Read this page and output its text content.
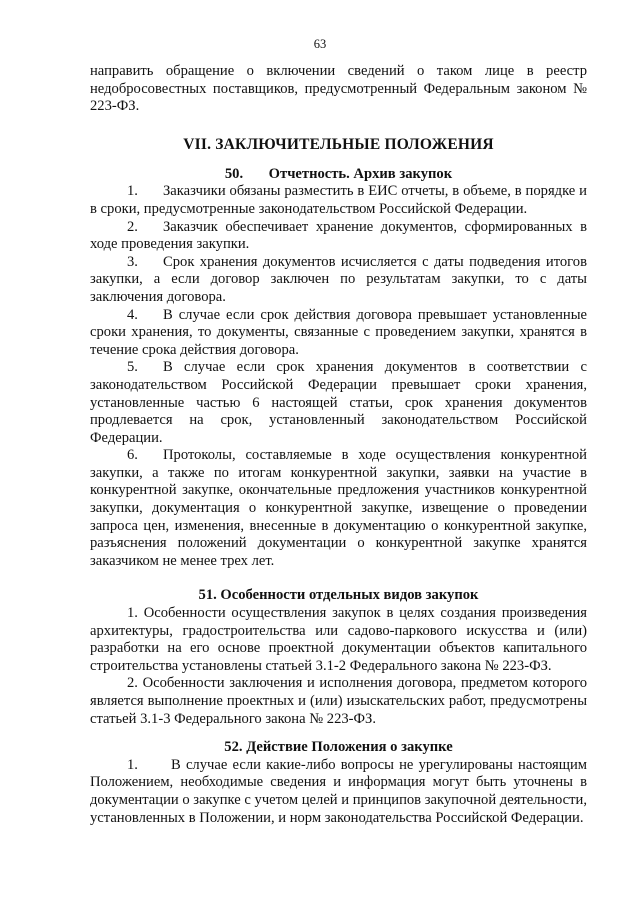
63

направить обращение о включении сведений о таком лице в реестр недобросовестных поставщиков, предусмотренный Федеральным законом № 223-ФЗ.

VII. ЗАКЛЮЧИТЕЛЬНЫЕ ПОЛОЖЕНИЯ
50. Отчетность. Архив закупок

1. Заказчики обязаны разместить в ЕИС отчеты, в объеме, в порядке и в сроки, предусмотренные законодательством Российской Федерации.

2. Заказчик обеспечивает хранение документов, сформированных в ходе проведения закупки.

3. Срок хранения документов исчисляется с даты подведения итогов закупки, а если договор заключен по результатам закупки, то с даты заключения договора.

4. В случае если срок действия договора превышает установленные сроки хранения, то документы, связанные с проведением закупки, хранятся в течение срока действия договора.

5. В случае если срок хранения документов в соответствии с законодательством Российской Федерации превышает сроки хранения, установленные частью 6 настоящей статьи, срок хранения документов продлевается на срок, установленный законодательством Российской Федерации.

6. Протоколы, составляемые в ходе осуществления конкурентной закупки, а также по итогам конкурентной закупки, заявки на участие в конкурентной закупке, окончательные предложения участников конкурентной закупки, документация о конкурентной закупке, извещение о проведении запроса цен, изменения, внесенные в документацию о конкурентной закупке, разъяснения положений документации о конкурентной закупке хранятся заказчиком не менее трех лет.

51. Особенности отдельных видов закупок

1. Особенности осуществления закупок в целях создания произведения архитектуры, градостроительства или садово-паркового искусства и (или) разработки на его основе проектной документации объектов капитального строительства установлены статьей 3.1-2 Федерального закона № 223-ФЗ.

2. Особенности заключения и исполнения договора, предметом которого является выполнение проектных и (или) изыскательских работ, предусмотрены статьей 3.1-3 Федерального закона № 223-ФЗ.

52. Действие Положения о закупке

1. В случае если какие-либо вопросы не урегулированы настоящим Положением, необходимые сведения и информация могут быть уточнены в документации о закупке с учетом целей и принципов закупочной деятельности, установленных в Положении, и норм законодательства Российской Федерации.
